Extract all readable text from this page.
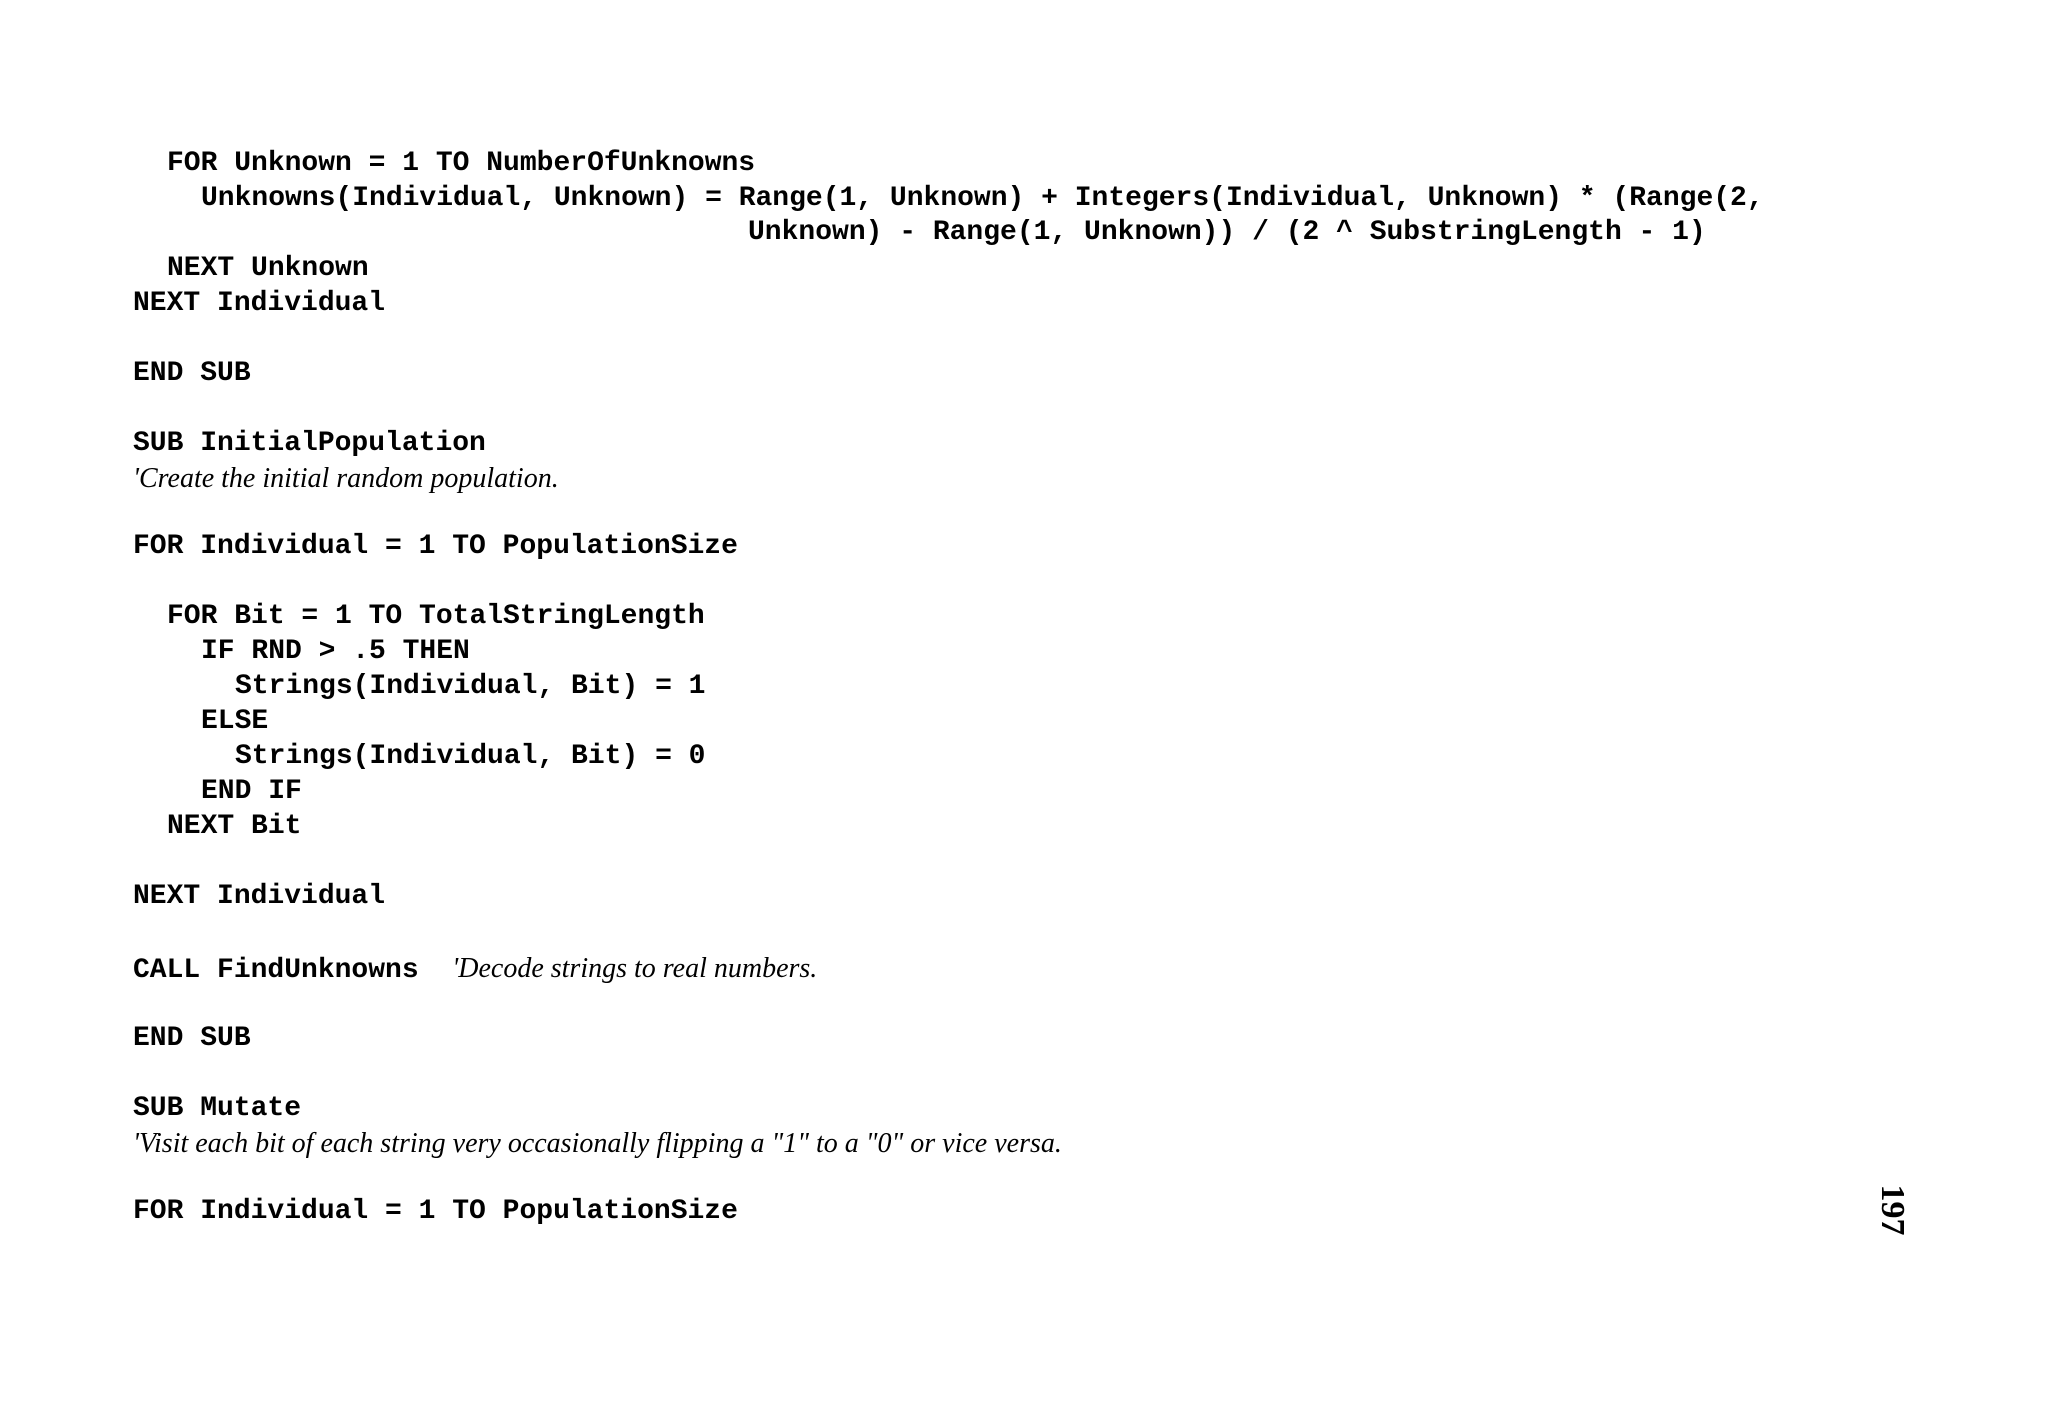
FOR Unknown = 1 TO NumberOfUnknowns
Unknowns(Individual, Unknown) = Range(1, Unknown) + Integers(Individual, Unknown) * (Range(2,
Unknown) - Range(1, Unknown)) / (2 ^ SubstringLength - 1)
NEXT Unknown
NEXT Individual
END SUB
SUB InitialPopulation
'Create the initial random population.
FOR Individual = 1 TO PopulationSize
FOR Bit = 1 TO TotalStringLength
IF RND > .5 THEN
Strings(Individual, Bit) = 1
ELSE
Strings(Individual, Bit) = 0
END IF
NEXT Bit
NEXT Individual
CALL FindUnknowns 'Decode strings to real numbers.
END SUB
SUB Mutate
'Visit each bit of each string very occasionally flipping a "1" to a "0" or vice versa.
FOR Individual = 1 TO PopulationSize	197
